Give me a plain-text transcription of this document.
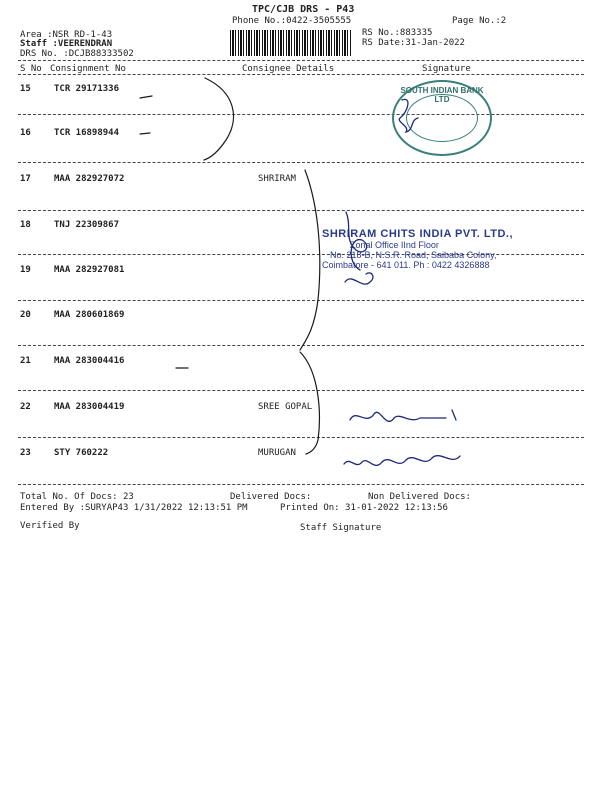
TPC/CJB DRS - P43
Phone No.:0422-3505555	Page No.:2
Area :NSR RD-1-43
Staff :VEERENDRAN
DRS No. :DCJB88333502
RS No.:883335
RS Date:31-Jan-2022
S No Consignment No	Consignee Details	Signature
15	TCR 29171336
16	TCR 16898944
17	MAA 282927072	SHRIRAM
18	TNJ 22309867
19	MAA 282927081
20	MAA 280601869
21	MAA 283004416
22	MAA 283004419	SREE GOPAL
23	STY 760222	MURUGAN
Total No. Of Docs: 23	Delivered Docs:	Non Delivered Docs:
Entered By :SURYAP43 1/31/2022 12:13:51 PM	Printed On: 31-01-2022 12:13:56
Verified By	Staff Signature
SOUTH INDIAN BANK LTD
SHRIRAM CHITS INDIA PVT. LTD.,
Zonal Office IInd Floor
No. 218-B, N.S.R. Road, Saibaba Colony,
Coimbatore - 641 011. Ph : 0422 4326888
